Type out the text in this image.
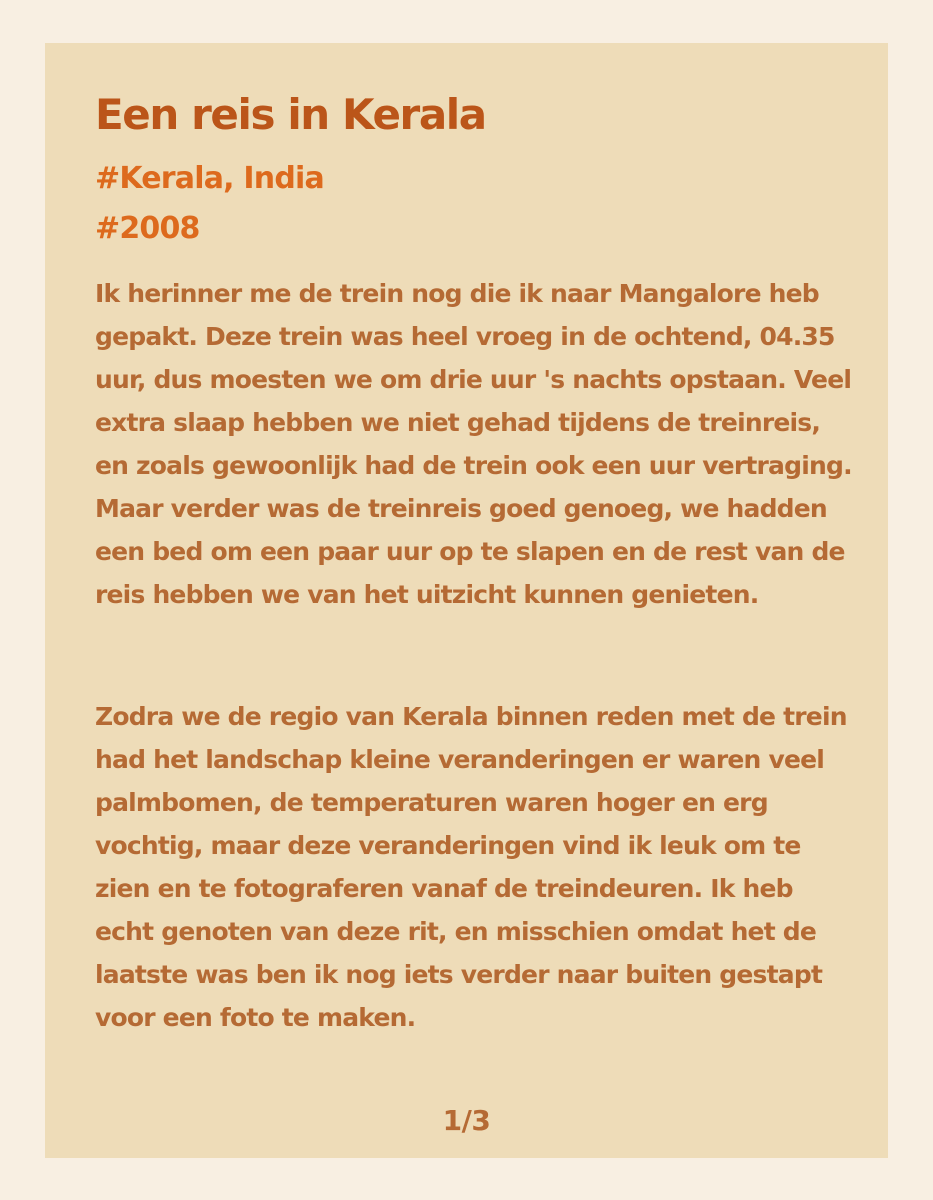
Een reis in Kerala
#Kerala, India
#2008

Ik herinner me de trein nog die ik naar Mangalore heb gepakt. Deze trein was heel vroeg in de ochtend, 04.35 uur, dus moesten we om drie uur 's nachts opstaan. Veel extra slaap hebben we niet gehad tijdens de treinreis, en zoals gewoonlijk had de trein ook een uur vertraging. Maar verder was de treinreis goed genoeg, we hadden een bed om een paar uur op te slapen en de rest van de reis hebben we van het uitzicht kunnen genieten.

Zodra we de regio van Kerala binnen reden met de trein had het landschap kleine veranderingen er waren veel palmbomen, de temperaturen waren hoger en erg vochtig, maar deze veranderingen vind ik leuk om te zien en te fotograferen vanaf de treindeuren. Ik heb echt genoten van deze rit, en misschien omdat het de laatste was ben ik nog iets verder naar buiten gestapt voor een foto te maken.

1/3
